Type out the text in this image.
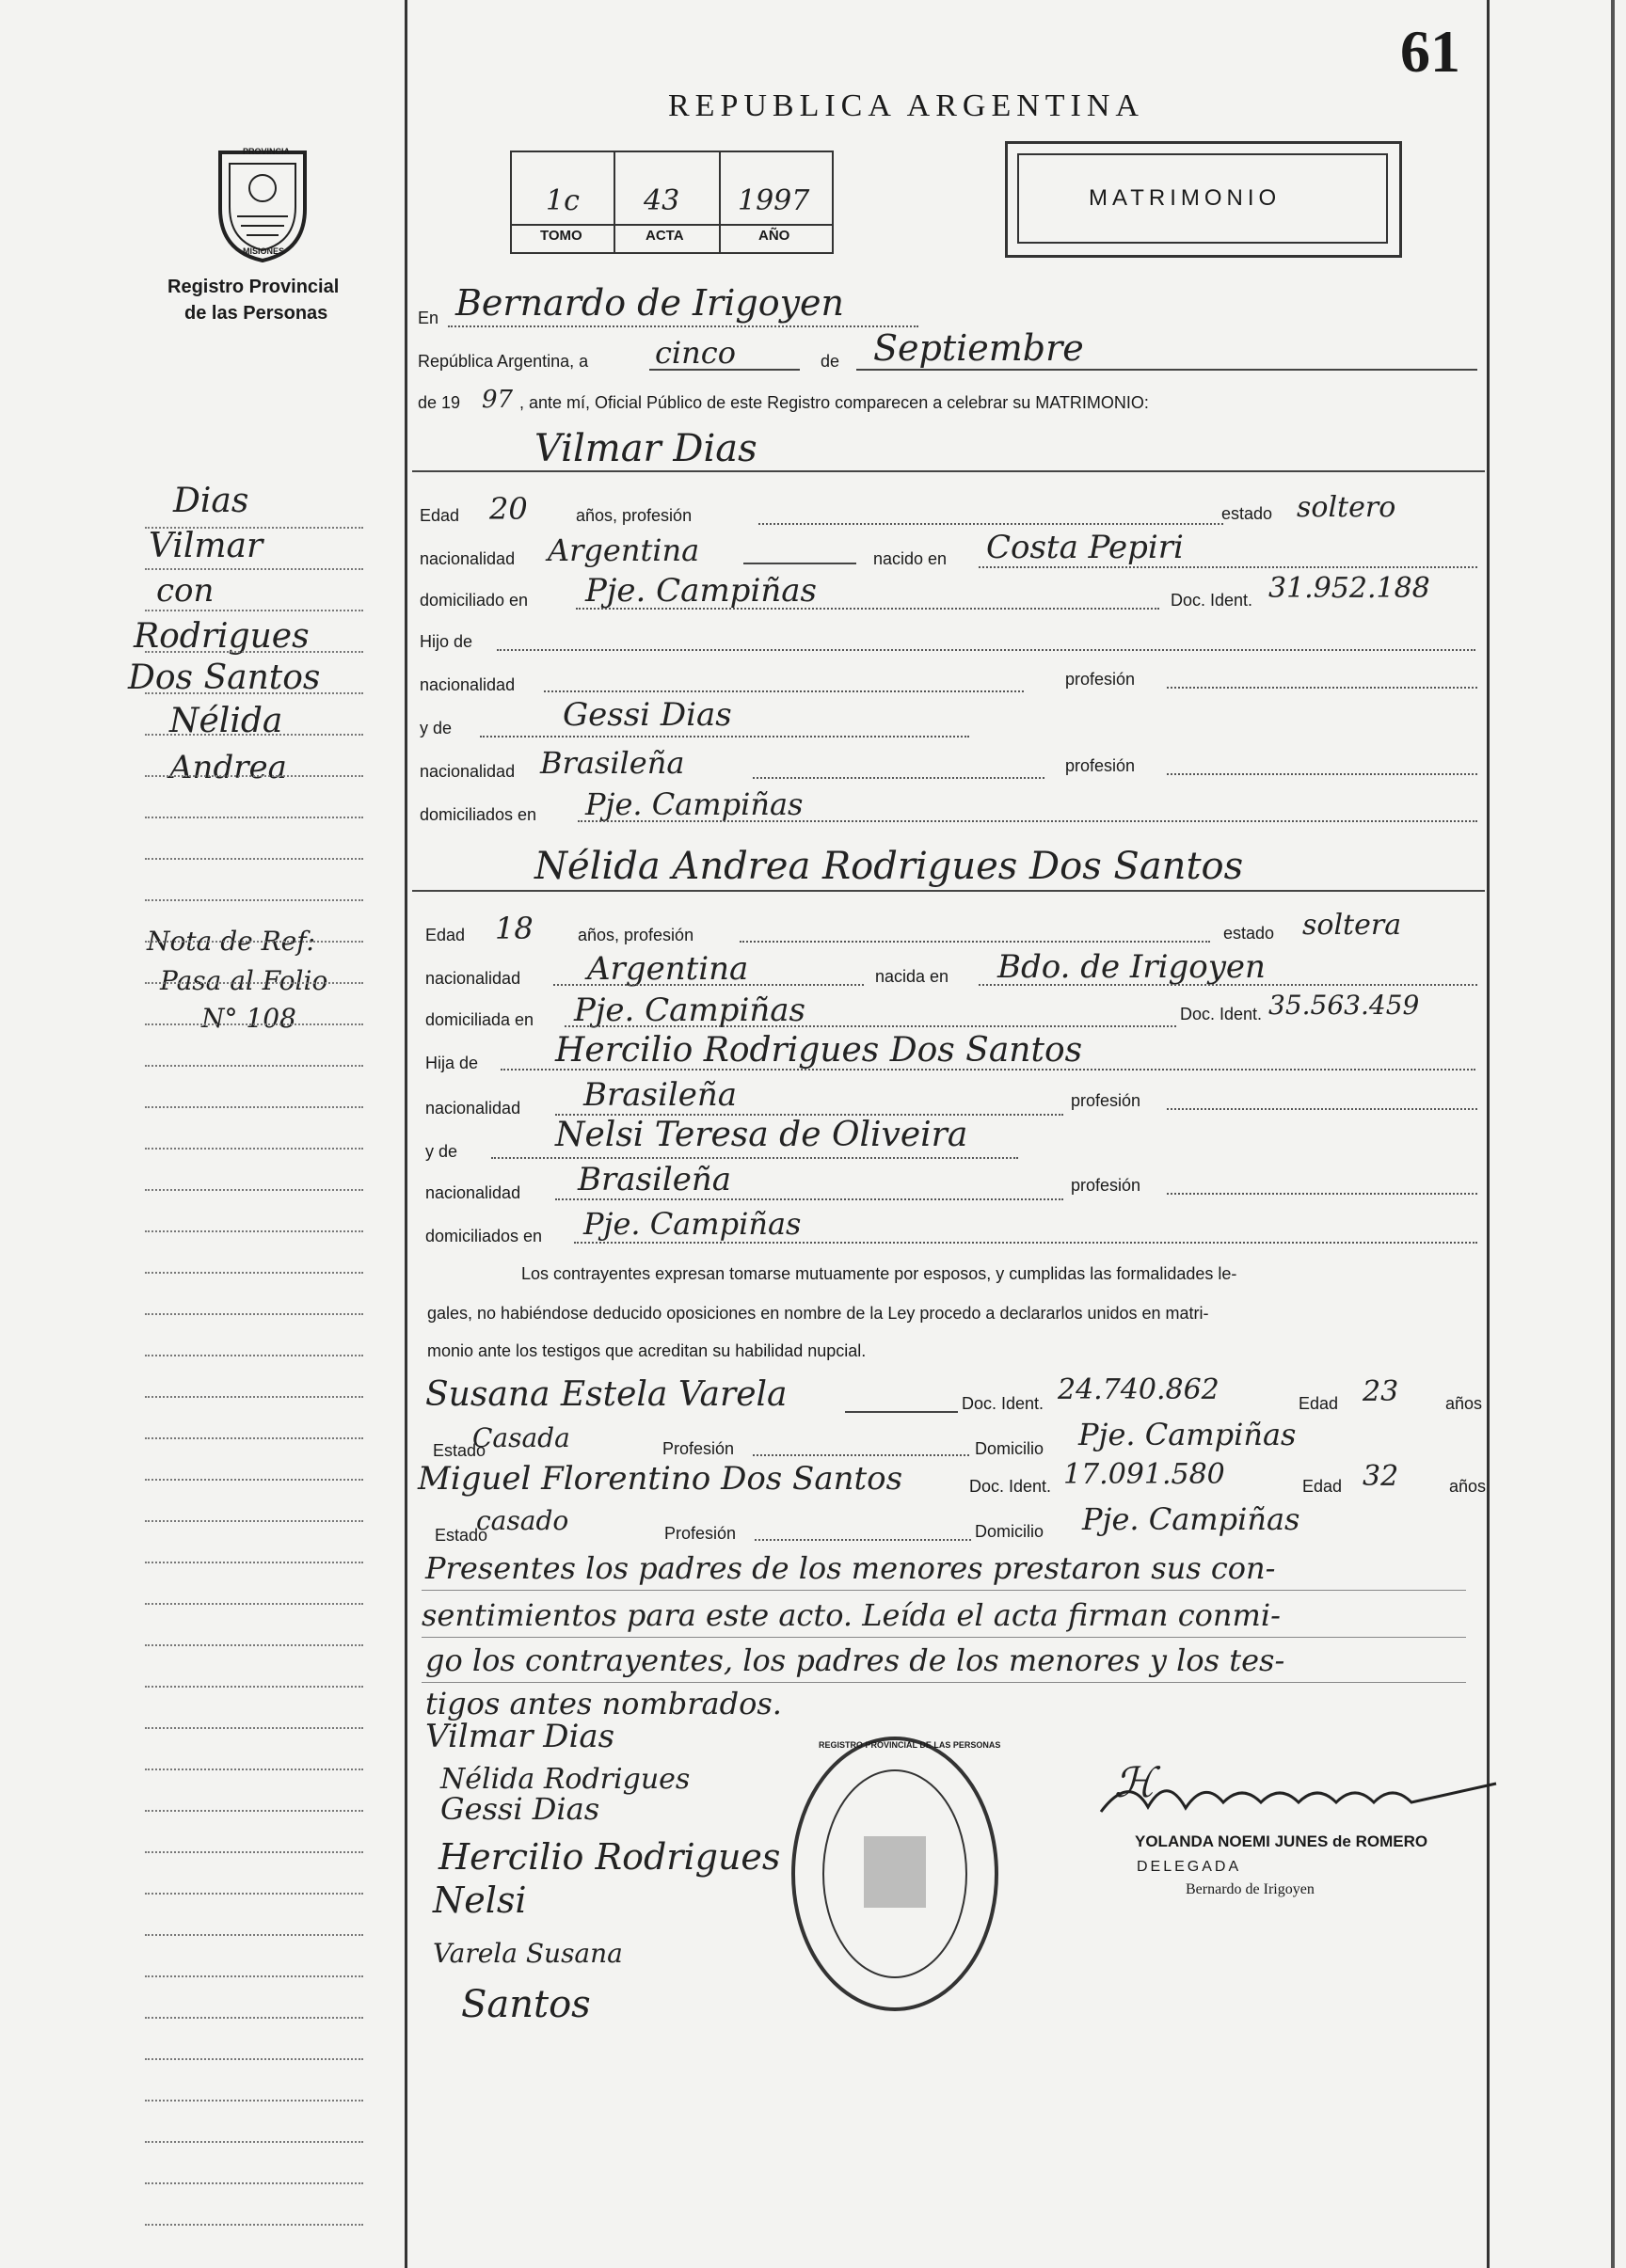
61
REPUBLICA ARGENTINA
1c 43 1997
TOMO	ACTA	AÑO
MATRIMONIO
PROVINCIA
MISIONES
Registro Provincial
de las Personas	En Bernardo de Irigoyen
República Argentina, a cinco	de Septiembre
de 19 97 , ante mí, Oficial Público de este Registro comparecen a celebrar su MATRIMONIO:
Vilmar Dias
Edad 20	años, profesión	estado soltero
nacionalidad Argentina	nacido en Costa Pepiri
domiciliado en Pje. Campiñas	Doc. Ident. 31.952.188
Hijo de
nacionalidad	profesión
y de	Gessi Dias
nacionalidad Brasileña	profesión
domiciliados en Pje. Campiñas
Nélida Andrea Rodrigues Dos Santos
Edad 18	años, profesión	estado soltera
nacionalidad Argentina	nacida en Bdo. de Irigoyen
domiciliada en Pje. Campiñas	Doc. Ident. 35.563.459
Hija de Hercilio Rodrigues Dos Santos
nacionalidad Brasileña	profesión
y de	Nelsi Teresa de Oliveira
nacionalidad Brasileña	profesión
domiciliados en Pje. Campiñas
Los contrayentes expresan tomarse mutuamente por esposos, y cumplidas las formalidades le-
gales, no habiéndose deducido oposiciones en nombre de la Ley procedo a declararlos unidos en matri-
monio ante los testigos que acreditan su habilidad nupcial.
Susana Estela Varela	Doc. Ident. 24.740.862	Edad 23	años
Estado
Casada	Profesión	Domicilio Pje. Campiñas
Miguel Florentino Dos Santos	Doc. Ident. 17.091.580	Edad 32	años
Estado
casado	Profesión	Domicilio Pje. Campiñas
Presentes los padres de los menores prestaron sus con-
sentimientos para este acto. Leída el acta firman conmi-
go los contrayentes, los padres de los menores y los tes-
tigos antes nombrados.
Vilmar Dias
Nélida Rodrigues
Gessi Dias
Hercilio Rodrigues
Nelsi
Varela Susana
Santos
REGISTRO PROVINCIAL DE LAS PERSONAS
ℋ
YOLANDA NOEMI JUNES de ROMERO
DELEGADA
Bernardo de Irigoyen
Dias
Vilmar
con
Rodrigues
Dos Santos
Nélida
Andrea
Nota de Ref:
Pasa al Folio
N° 108
